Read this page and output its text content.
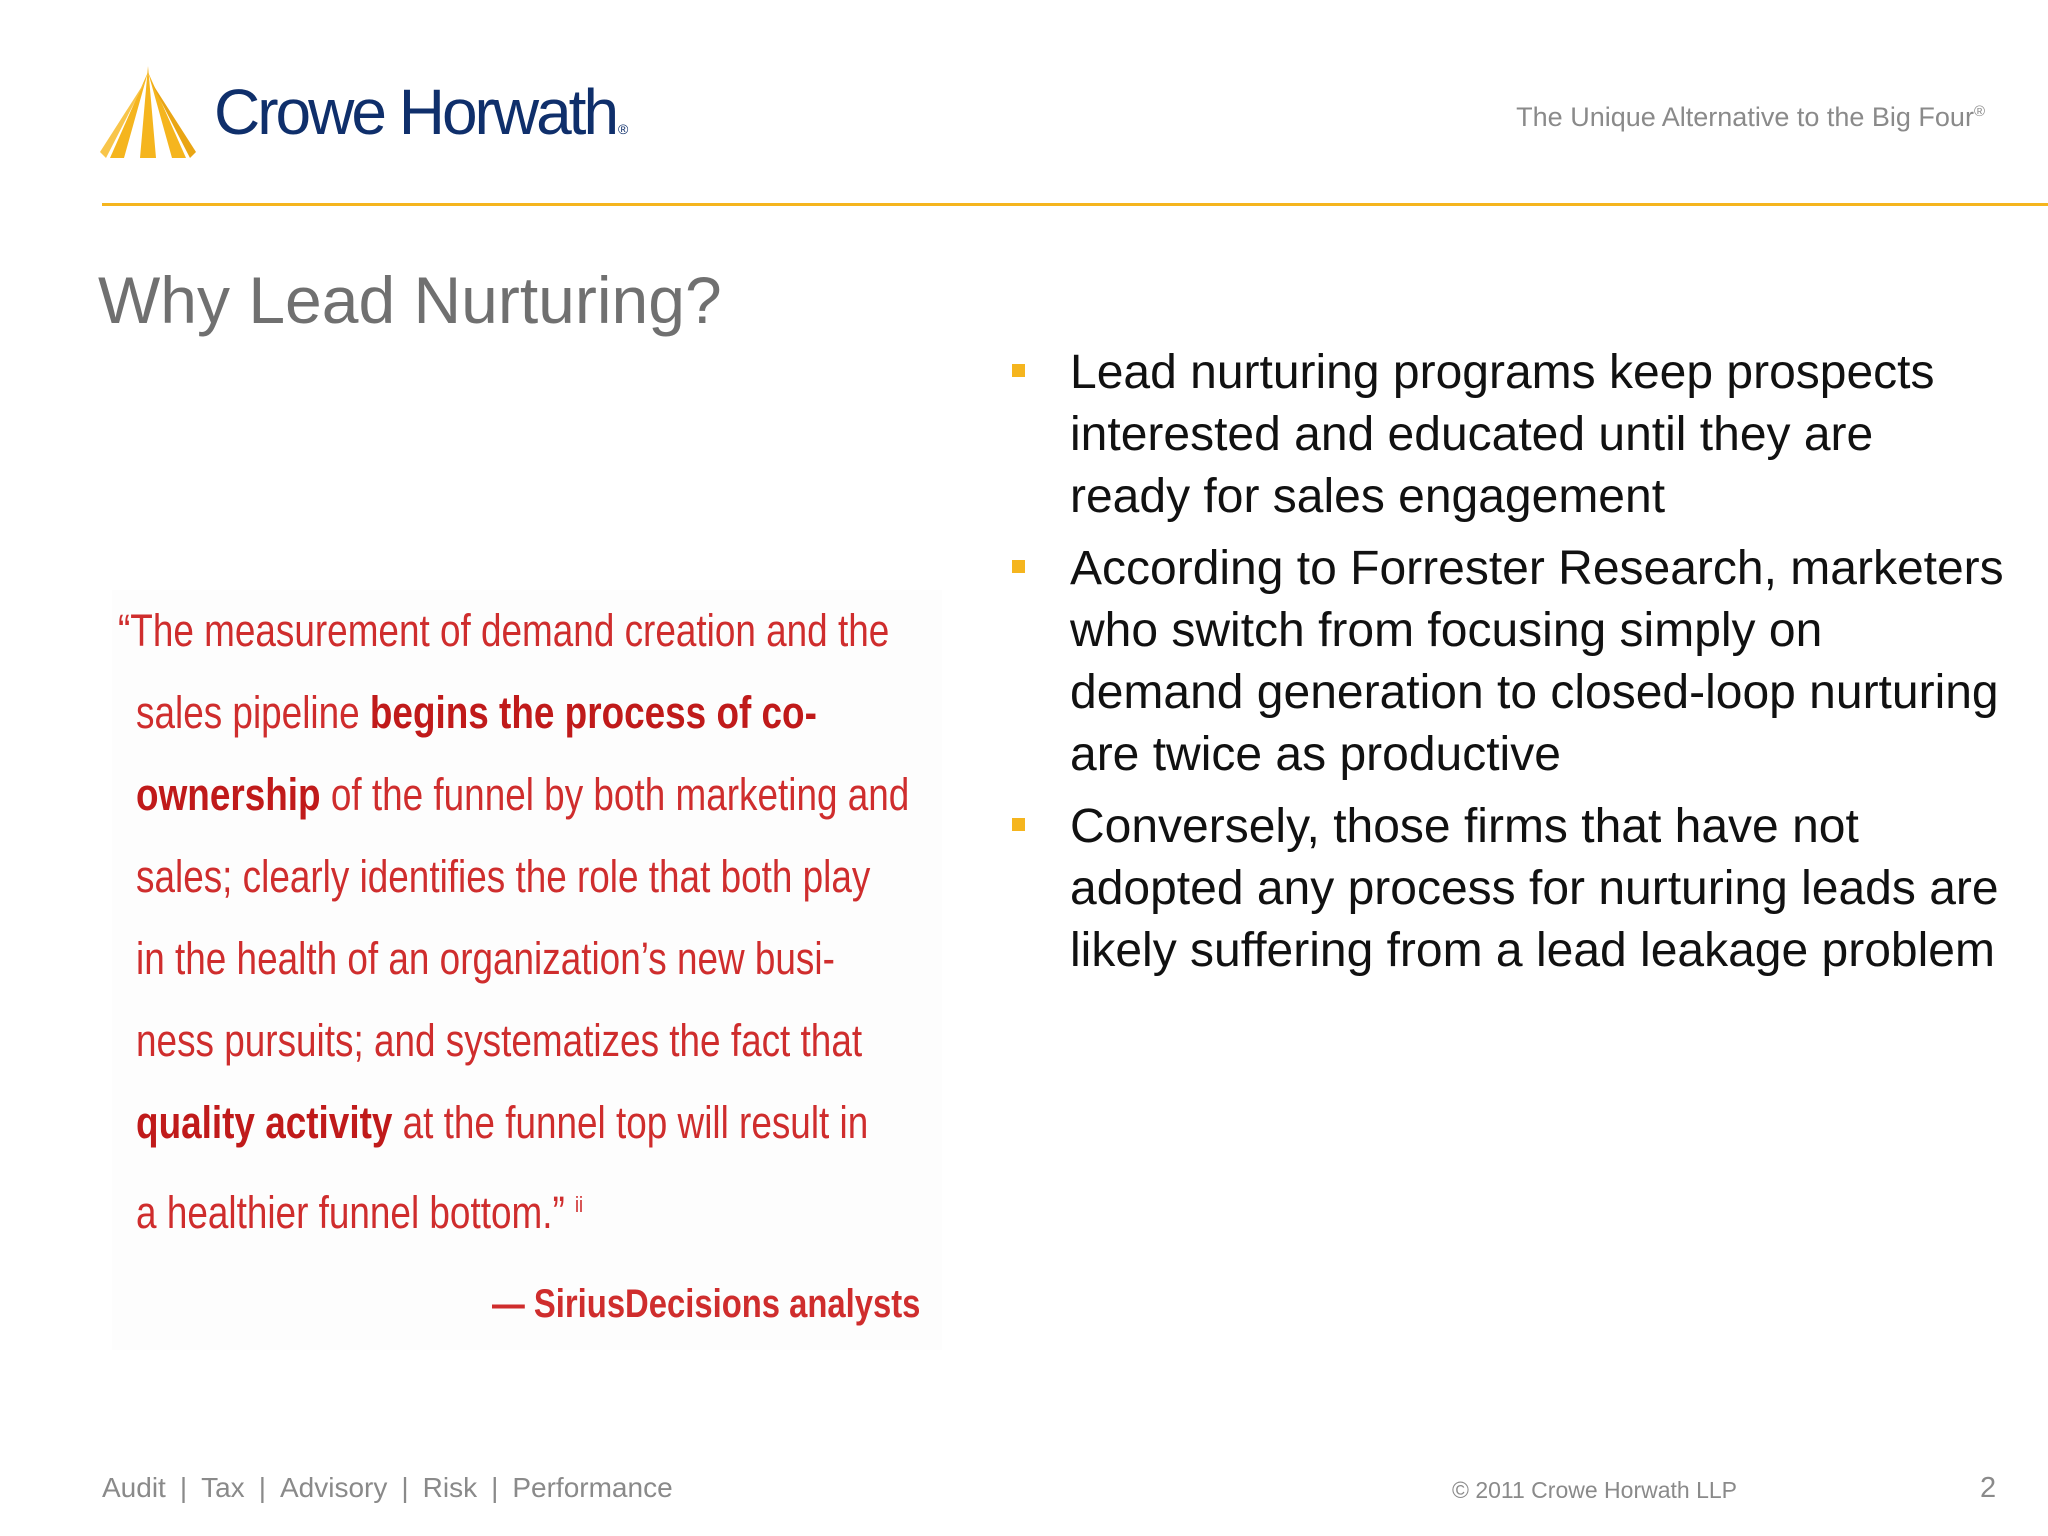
Crowe Horwath ®	The Unique Alternative to the Big Four®
Why Lead Nurturing?

“The measurement of demand creation and the

sales pipeline begins the process of co-

ownership of the funnel by both marketing and

sales; clearly identifies the role that both play

in the health of an organization’s new busi-

ness pursuits; and systematizes the fact that

quality activity at the funnel top will result in

a healthier funnel bottom.” $^{ii}$

— SiriusDecisions analysts
Lead nurturing programs keep prospects interested and educated until they are ready for sales engagement
According to Forrester Research, marketers who switch from focusing simply on demand generation to closed-loop nurturing are twice as productive
Conversely, those firms that have not adopted any process for nurturing leads are likely suffering from a lead leakage problem
Audit | Tax | Advisory | Risk | Performance	© 2011 Crowe Horwath LLP	2
